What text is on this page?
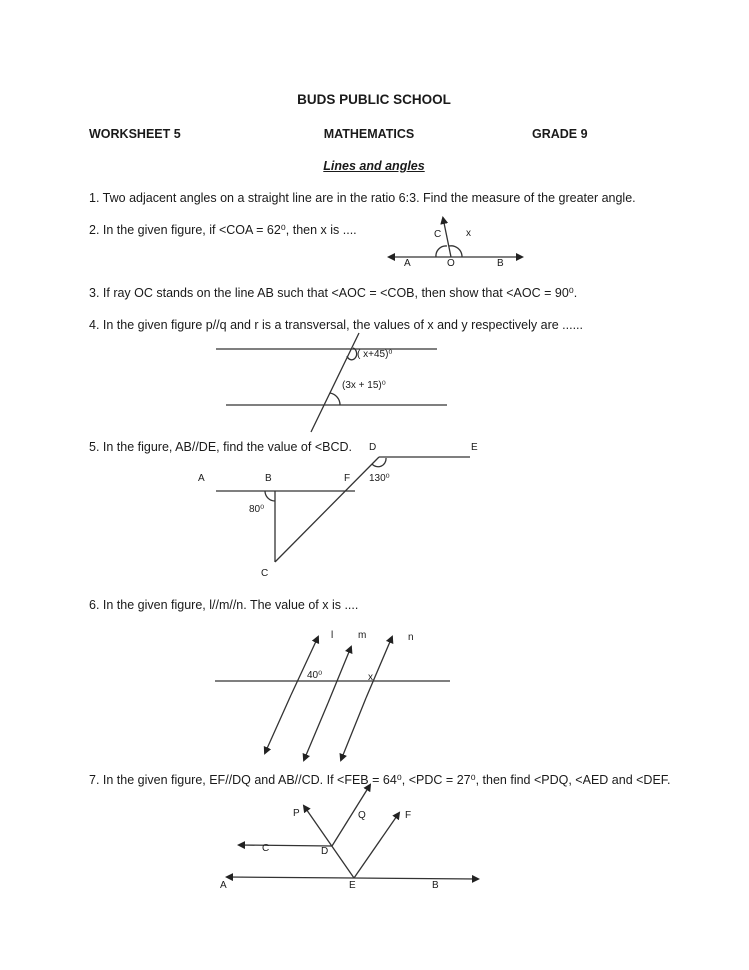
BUDS PUBLIC SCHOOL
WORKSHEET 5	MATHEMATICS	GRADE 9
Lines and angles
1. Two adjacent angles on a straight line are in the ratio 6:3. Find the measure of the greater angle.
2. In the given figure, if <COA = 62⁰, then x is ....	C x
A	O	B
3. If ray OC stands on the line AB such that <AOC = <COB, then show that <AOC = 90⁰.
4. In the given figure p//q and r is a transversal, the values of x and y respectively are ......
( x+45)⁰
(3x + 15)⁰
5. In the figure, AB//DE, find the value of <BCD. D	E
A	B	F 130⁰
80⁰
C
6. In the given figure, l//m//n. The value of x is ....
l m	n
40⁰	x
7. In the given figure, EF//DQ and AB//CD. If <FEB = 64⁰, <PDC = 27⁰, then find <PDQ, <AED and <DEF.
P	Q	F
C	D
A	E	B
